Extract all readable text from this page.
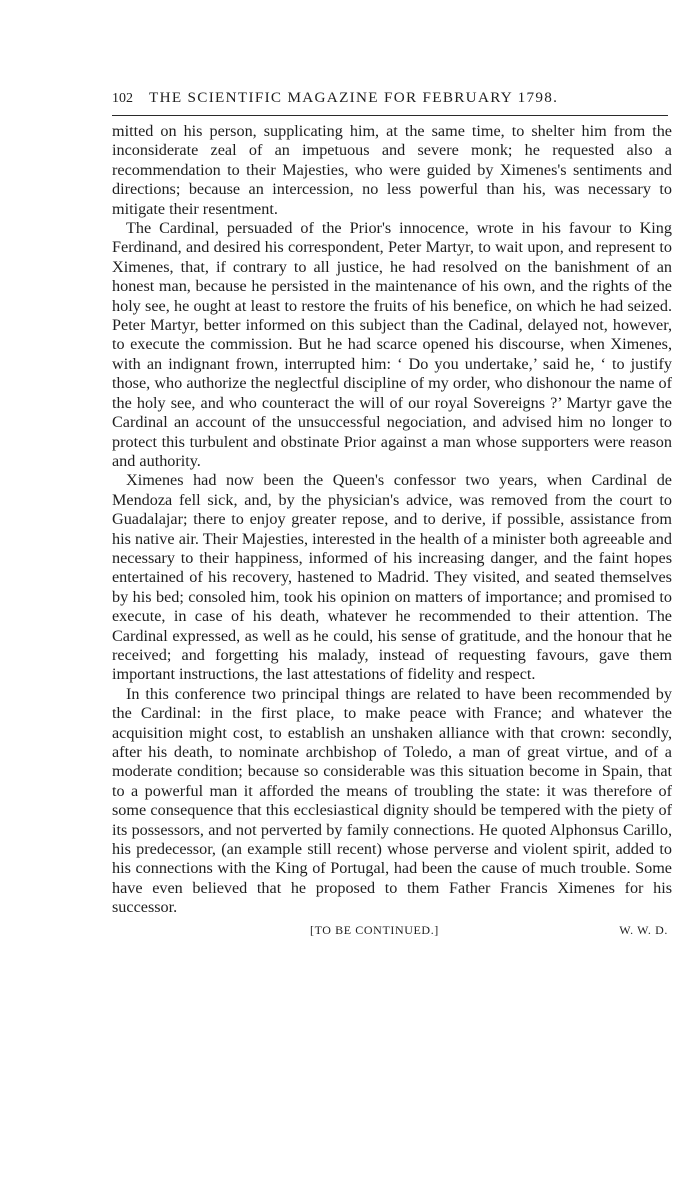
102 THE SCIENTIFIC MAGAZINE FOR FEBRUARY 1798.

mitted on his person, supplicating him, at the same time, to shelter him from the inconsiderate zeal of an impetuous and severe monk; he requested also a recommendation to their Majesties, who were guided by Ximenes's sentiments and directions; because an intercession, no less powerful than his, was necessary to mitigate their resentment.

The Cardinal, persuaded of the Prior's innocence, wrote in his favour to King Ferdinand, and desired his correspondent, Peter Martyr, to wait upon, and represent to Ximenes, that, if contrary to all justice, he had resolved on the banishment of an honest man, because he persisted in the maintenance of his own, and the rights of the holy see, he ought at least to restore the fruits of his benefice, on which he had seized. Peter Martyr, better informed on this subject than the Cadinal, delayed not, however, to execute the commission. But he had scarce opened his discourse, when Ximenes, with an indignant frown, interrupted him: ‘ Do you undertake,’ said he, ‘ to justify those, who authorize the neglectful discipline of my order, who dishonour the name of the holy see, and who counteract the will of our royal Sovereigns ?’ Martyr gave the Cardinal an account of the unsuccessful negociation, and advised him no longer to protect this turbulent and obstinate Prior against a man whose supporters were reason and authority.

Ximenes had now been the Queen's confessor two years, when Cardinal de Mendoza fell sick, and, by the physician's advice, was removed from the court to Guadalajar; there to enjoy greater repose, and to derive, if possible, assistance from his native air. Their Majesties, interested in the health of a minister both agreeable and necessary to their happiness, informed of his increasing danger, and the faint hopes entertained of his recovery, hastened to Madrid. They visited, and seated themselves by his bed; consoled him, took his opinion on matters of importance; and promised to execute, in case of his death, whatever he recommended to their attention. The Cardinal expressed, as well as he could, his sense of gratitude, and the honour that he received; and forgetting his malady, instead of requesting favours, gave them important instructions, the last attestations of fidelity and respect.

In this conference two principal things are related to have been recommended by the Cardinal: in the first place, to make peace with France; and whatever the acquisition might cost, to establish an unshaken alliance with that crown: secondly, after his death, to nominate archbishop of Toledo, a man of great virtue, and of a moderate condition; because so considerable was this situation become in Spain, that to a powerful man it afforded the means of troubling the state: it was therefore of some consequence that this ecclesiastical dignity should be tempered with the piety of its possessors, and not perverted by family connections. He quoted Alphonsus Carillo, his predecessor, (an example still recent) whose perverse and violent spirit, added to his connections with the King of Portugal, had been the cause of much trouble. Some have even believed that he proposed to them Father Francis Ximenes for his successor.

[TO BE CONTINUED.]	W. W. D.
